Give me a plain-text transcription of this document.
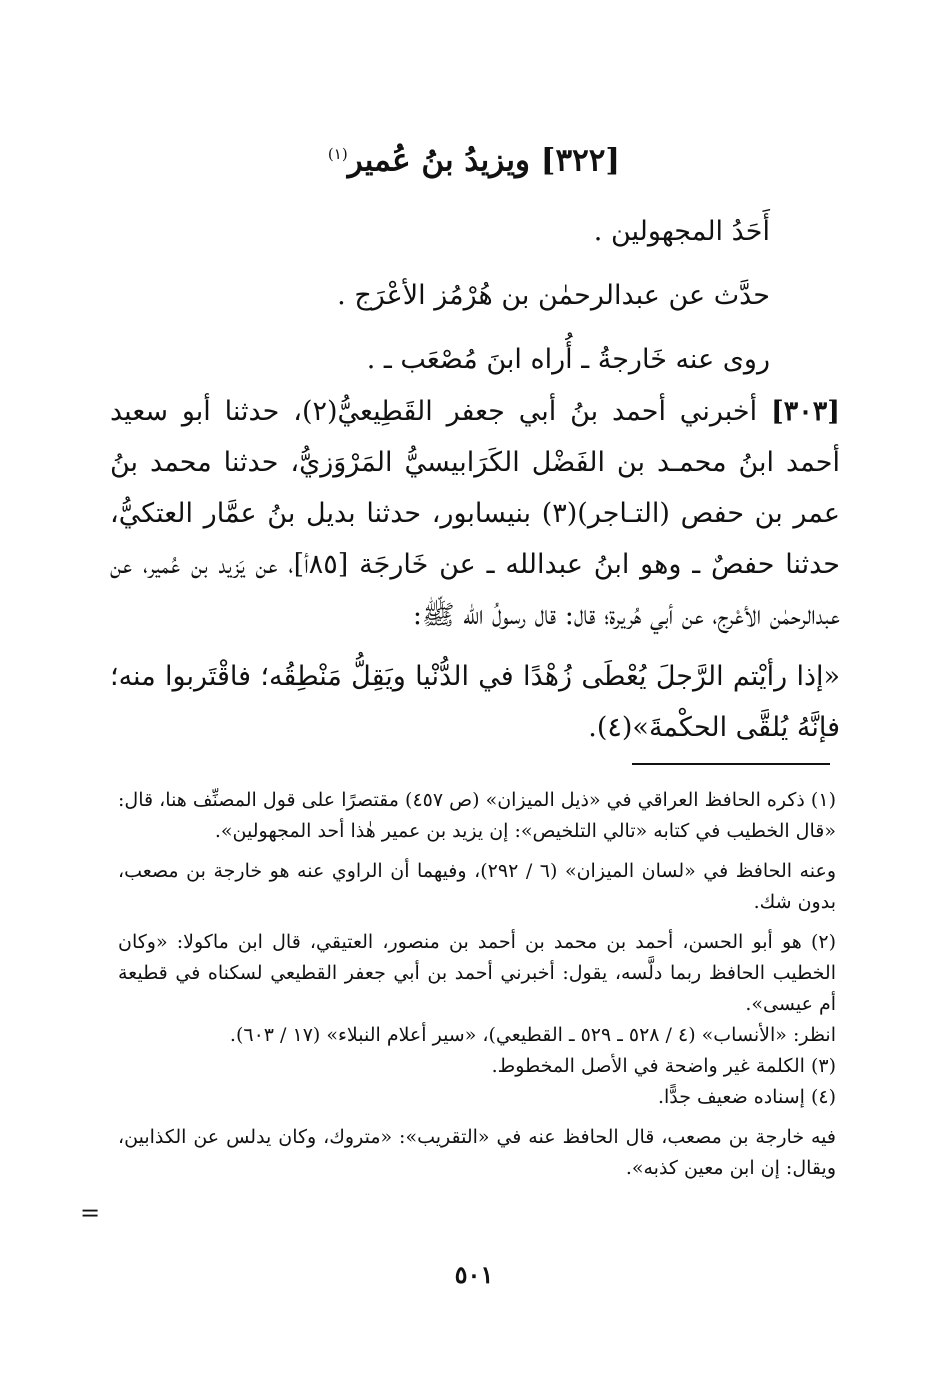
[٣٢٢] ويزيدُ بنُ عُمير$^{(١)}$

أَحَدُ المجهولين .

حدَّث عن عبدالرحمٰن بن هُرْمُز الأعْرَج .

روى عنه خَارجةُ ـ أُراه ابنَ مُصْعَب ـ .

[٣٠٣] أخبرني أحمد بنُ أبي جعفر القَطِيعيُّ(٢)، حدثنا أبو سعيد أحمد ابنُ محمـد بن الفَضْل الكَرَابيسيُّ المَرْوَزيُّ، حدثنا محمد بنُ عمر بن حفص (التـاجر)(٣) بنيسابور، حدثنا بديل بنُ عمَّار العتكيُّ، حدثنا حفصٌ ـ وهو ابنُ عبدالله ـ عن خَارجَة [٨٥أ]، عن يَزيد بن عُمير، عن عبدالرحمٰن الأعْرج، عن أبي هُريرة؛ قال: قال رسولُ الله ﷺ:

«إذا رأيْتم الرَّجلَ يُعْطَى زُهْدًا في الدُّنْيا ويَقِلُّ مَنْطِقُه؛ فاقْتَربوا منه؛ فإنَّهُ يُلقَّى الحكْمةَ»(٤).

(١) ذكره الحافظ العراقي في «ذيل الميزان» (ص ٤٥٧) مقتصرًا على قول المصنِّف هنا، قال: «قال الخطيب في كتابه «تالي التلخيص»: إن يزيد بن عمير هٰذا أحد المجهولين».

وعنه الحافظ في «لسان الميزان» (٦ / ٢٩٢)، وفيهما أن الراوي عنه هو خارجة بن مصعب، بدون شك.

(٢) هو أبو الحسن، أحمد بن محمد بن أحمد بن منصور، العتيقي، قال ابن ماكولا: «وكان الخطيب الحافظ ربما دلَّسه، يقول: أخبرني أحمد بن أبي جعفر القطيعي لسكناه في قطيعة أم عيسى».

انظر: «الأنساب» (٤ / ٥٢٨ ـ ٥٢٩ ـ القطيعي)، «سير أعلام النبلاء» (١٧ / ٦٠٣).

(٣) الكلمة غير واضحة في الأصل المخطوط.

(٤) إسناده ضعيف جدًّا.

فيه خارجة بن مصعب، قال الحافظ عنه في «التقريب»: «متروك، وكان يدلس عن الكذابين، ويقال: إن ابن معين كذبه».

=
٥٠١
